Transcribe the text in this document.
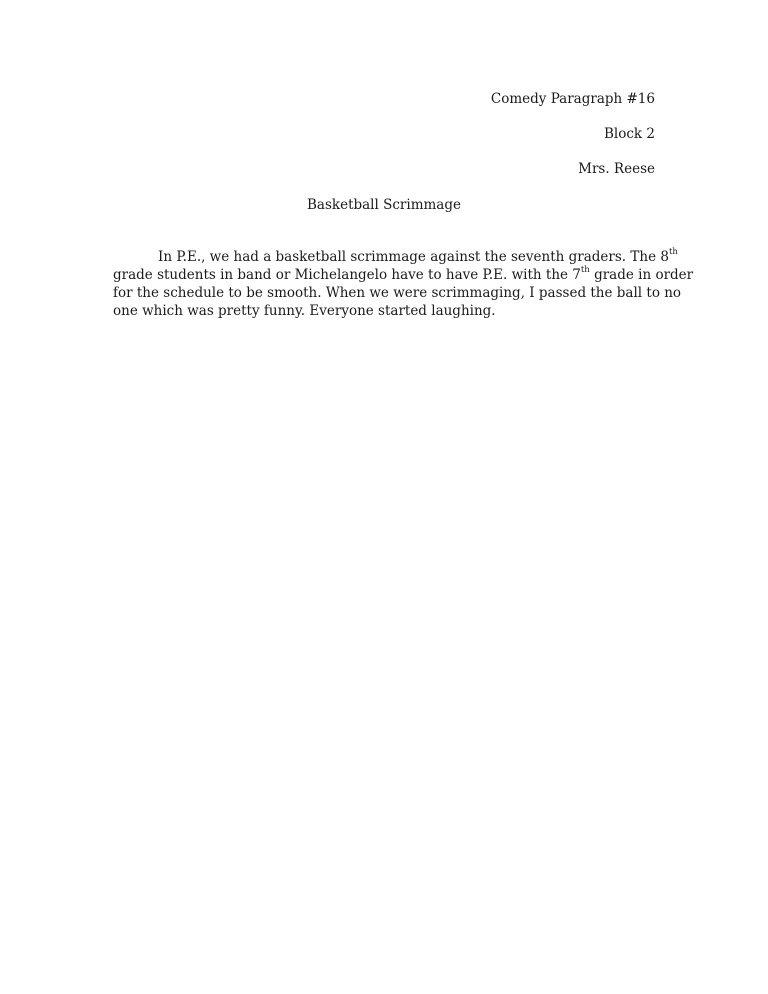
Comedy Paragraph #16
Block 2
Mrs. Reese
Basketball Scrimmage
In P.E., we had a basketball scrimmage against the seventh graders. The 8th
grade students in band or Michelangelo have to have P.E. with the 7th grade in order
for the schedule to be smooth. When we were scrimmaging, I passed the ball to no
one which was pretty funny. Everyone started laughing.
